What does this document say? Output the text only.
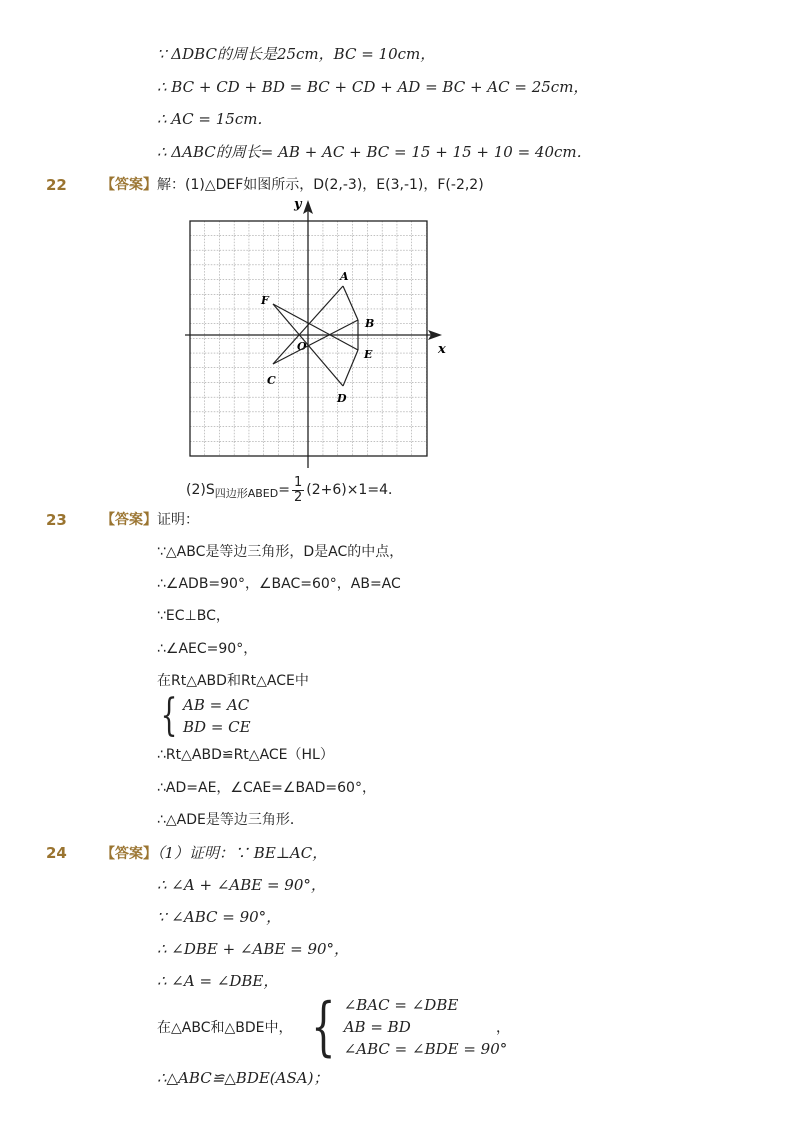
∵ ΔDBC的周长是25cm，BC = 10cm，
∴ BC + CD + BD = BC + CD + AD = BC + AC = 25cm，
∴ AC = 15cm．
∴ ΔABC的周长= AB + AC + BC = 15 + 15 + 10 = 40cm．
22 【答案】解：(1)△DEF如图所示，D(2,-3)，E(3,-1)，F(-2,2)
x
y
O
A
B
C
D
E
F
$(2)S_{四边形ABED}= \frac{1}{2} (2+6)\times 1=4$．
23 【答案】证明：
∵△ABC是等边三角形，D是AC的中点，
∴∠ADB=90°，∠BAC=60°，AB=AC
∵EC⊥BC，
∴∠AEC=90°，
在Rt△ABD和Rt△ACE中
{ AB = AC
BD = CE
∴Rt△ABD≌Rt△ACE（HL）
∴AD=AE，∠CAE=∠BAD=60°，
∴△ADE是等边三角形．
24 【答案】（1）证明：∵ BE⊥AC，
∴ ∠A + ∠ABE = 90°，
∵ ∠ABC = 90°，
∴ ∠DBE + ∠ABE = 90°，
∴ ∠A = ∠DBE，
在△ABC和△BDE中， { ∠BAC = ∠DBE
AB = BD
∠ABC = ∠BDE = 90°
，
∴△ABC≌△BDE(ASA)；
